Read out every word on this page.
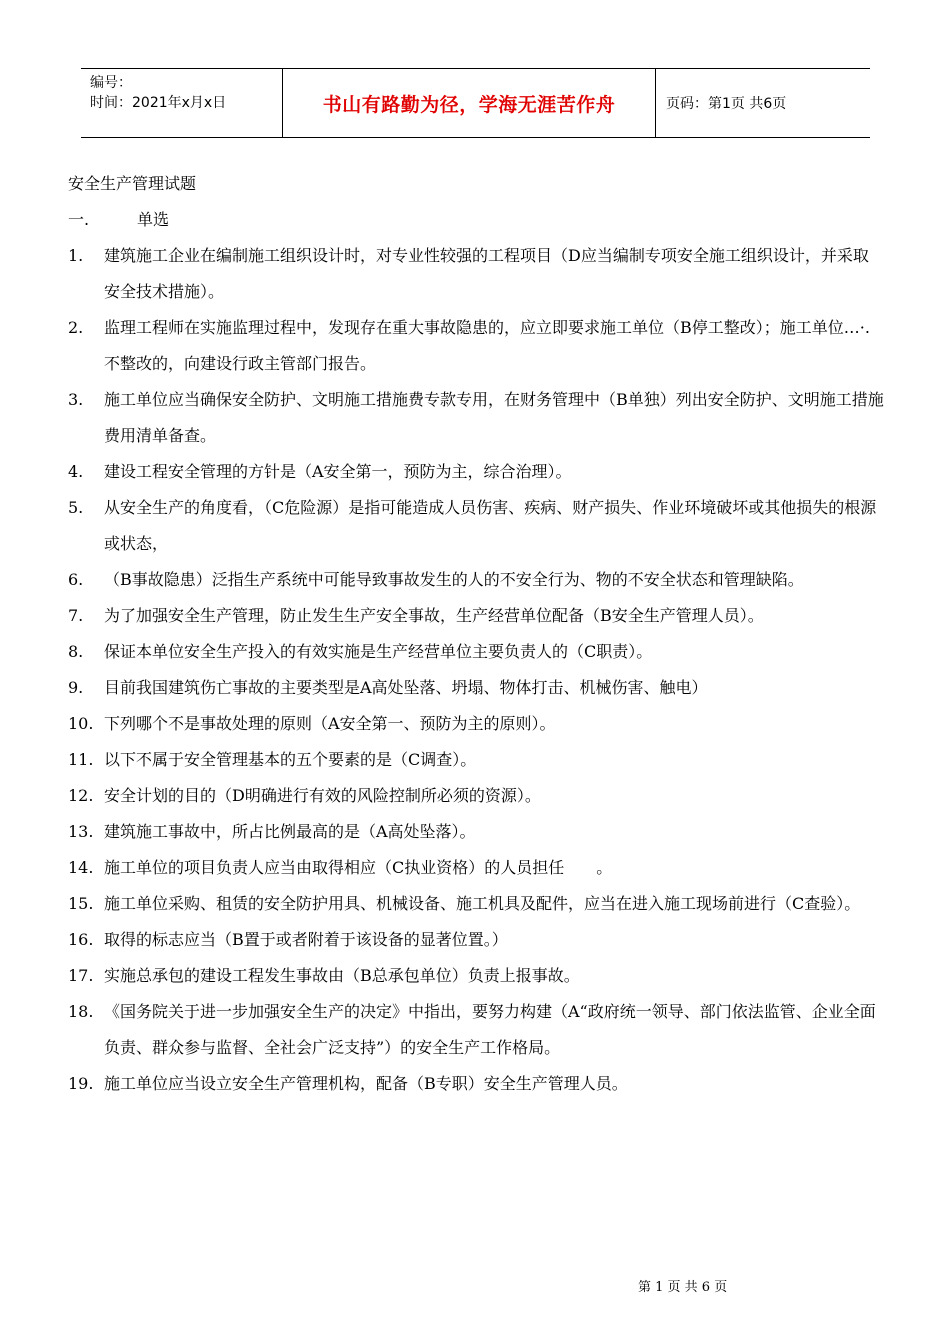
编号：
时间：2021年x月x日	书山有路勤为径，学海无涯苦作舟	页码：第1页 共6页
安全生产管理试题
一.	单选
1. 建筑施工企业在编制施工组织设计时，对专业性较强的工程项目（D应当编制专项安全施工组织设计，并采取安全技术措施）。
2. 监理工程师在实施监理过程中，发现存在重大事故隐患的，应立即要求施工单位（B停工整改）；施工单位…·.不整改的，向建设行政主管部门报告。
3. 施工单位应当确保安全防护、文明施工措施费专款专用，在财务管理中（B单独）列出安全防护、文明施工措施费用清单备查。
4. 建设工程安全管理的方针是（A安全第一，预防为主，综合治理）。
5. 从安全生产的角度看，（C危险源）是指可能造成人员伤害、疾病、财产损失、作业环境破坏或其他损失的根源或状态，
6. （B事故隐患）泛指生产系统中可能导致事故发生的人的不安全行为、物的不安全状态和管理缺陷。
7. 为了加强安全生产管理，防止发生生产安全事故，生产经营单位配备（B安全生产管理人员）。
8. 保证本单位安全生产投入的有效实施是生产经营单位主要负责人的（C职责）。
9. 目前我国建筑伤亡事故的主要类型是A高处坠落、坍塌、物体打击、机械伤害、触电）
10. 下列哪个不是事故处理的原则（A安全第一、预防为主的原则）。
11. 以下不属于安全管理基本的五个要素的是（C调查）。
12. 安全计划的目的（D明确进行有效的风险控制所必须的资源）。
13. 建筑施工事故中，所占比例最高的是（A高处坠落）。
14. 施工单位的项目负责人应当由取得相应（C执业资格）的人员担任　　。
15. 施工单位采购、租赁的安全防护用具、机械设备、施工机具及配件，应当在进入施工现场前进行（C查验）。
16. 取得的标志应当（B置于或者附着于该设备的显著位置。）
17. 实施总承包的建设工程发生事故由（B总承包单位）负责上报事故。
18. 《国务院关于进一步加强安全生产的决定》中指出，要努力构建（A“政府统一领导、部门依法监管、企业全面负责、群众参与监督、全社会广泛支持”）的安全生产工作格局。
19. 施工单位应当设立安全生产管理机构，配备（B专职）安全生产管理人员。
第 1 页 共 6 页
